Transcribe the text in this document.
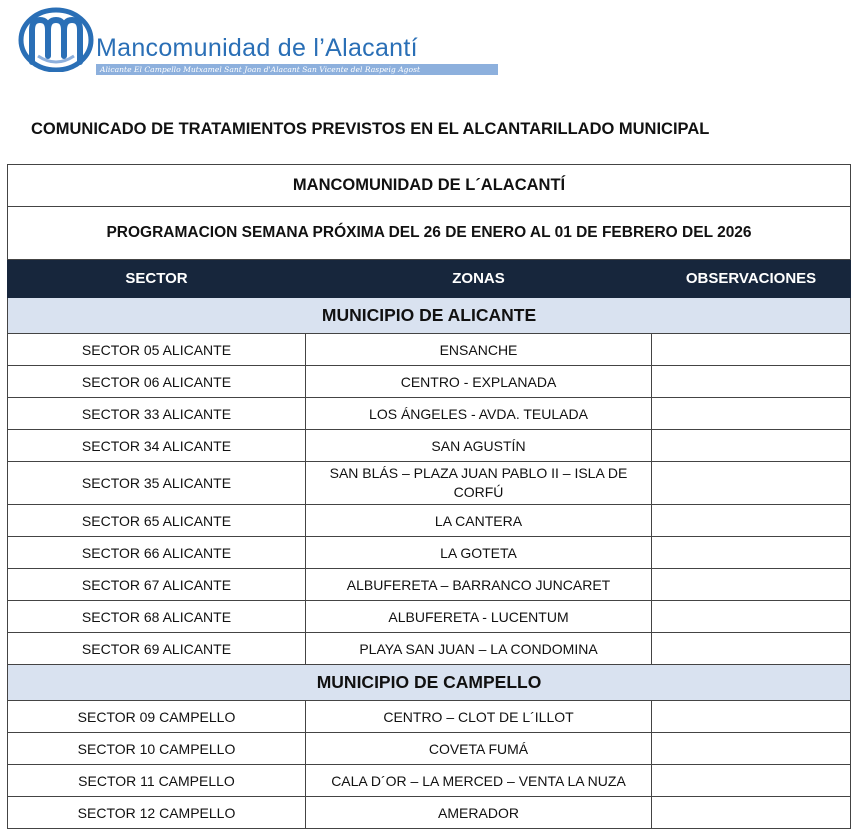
Mancomunidad de l’Alacantí
Alicante El Campello Mutxamel Sant Joan d'Alacant San Vicente del Raspeig Agost
COMUNICADO DE TRATAMIENTOS PREVISTOS EN EL ALCANTARILLADO MUNICIPAL
MANCOMUNIDAD DE L´ALACANTÍ		
PROGRAMACION SEMANA PRÓXIMA DEL 26 DE ENERO AL 01 DE FEBRERO DEL 2026		
SECTOR	ZONAS	OBSERVACIONES
MUNICIPIO DE ALICANTE		
SECTOR 05 ALICANTE	ENSANCHE	
SECTOR 06 ALICANTE	CENTRO - EXPLANADA	
SECTOR 33 ALICANTE	LOS ÁNGELES - AVDA. TEULADA	
SECTOR 34 ALICANTE	SAN AGUSTÍN	
SECTOR 35 ALICANTE	SAN BLÁS – PLAZA JUAN PABLO II – ISLA DE CORFÚ	
SECTOR 65 ALICANTE	LA CANTERA	
SECTOR 66 ALICANTE	LA GOTETA	
SECTOR 67 ALICANTE	ALBUFERETA – BARRANCO JUNCARET	
SECTOR 68 ALICANTE	ALBUFERETA - LUCENTUM	
SECTOR 69 ALICANTE	PLAYA SAN JUAN – LA CONDOMINA	
MUNICIPIO DE CAMPELLO		
SECTOR 09 CAMPELLO	CENTRO – CLOT DE L´ILLOT	
SECTOR 10 CAMPELLO	COVETA FUMÁ	
SECTOR 11 CAMPELLO	CALA D´OR – LA MERCED – VENTA LA NUZA	
SECTOR 12 CAMPELLO	AMERADOR	
